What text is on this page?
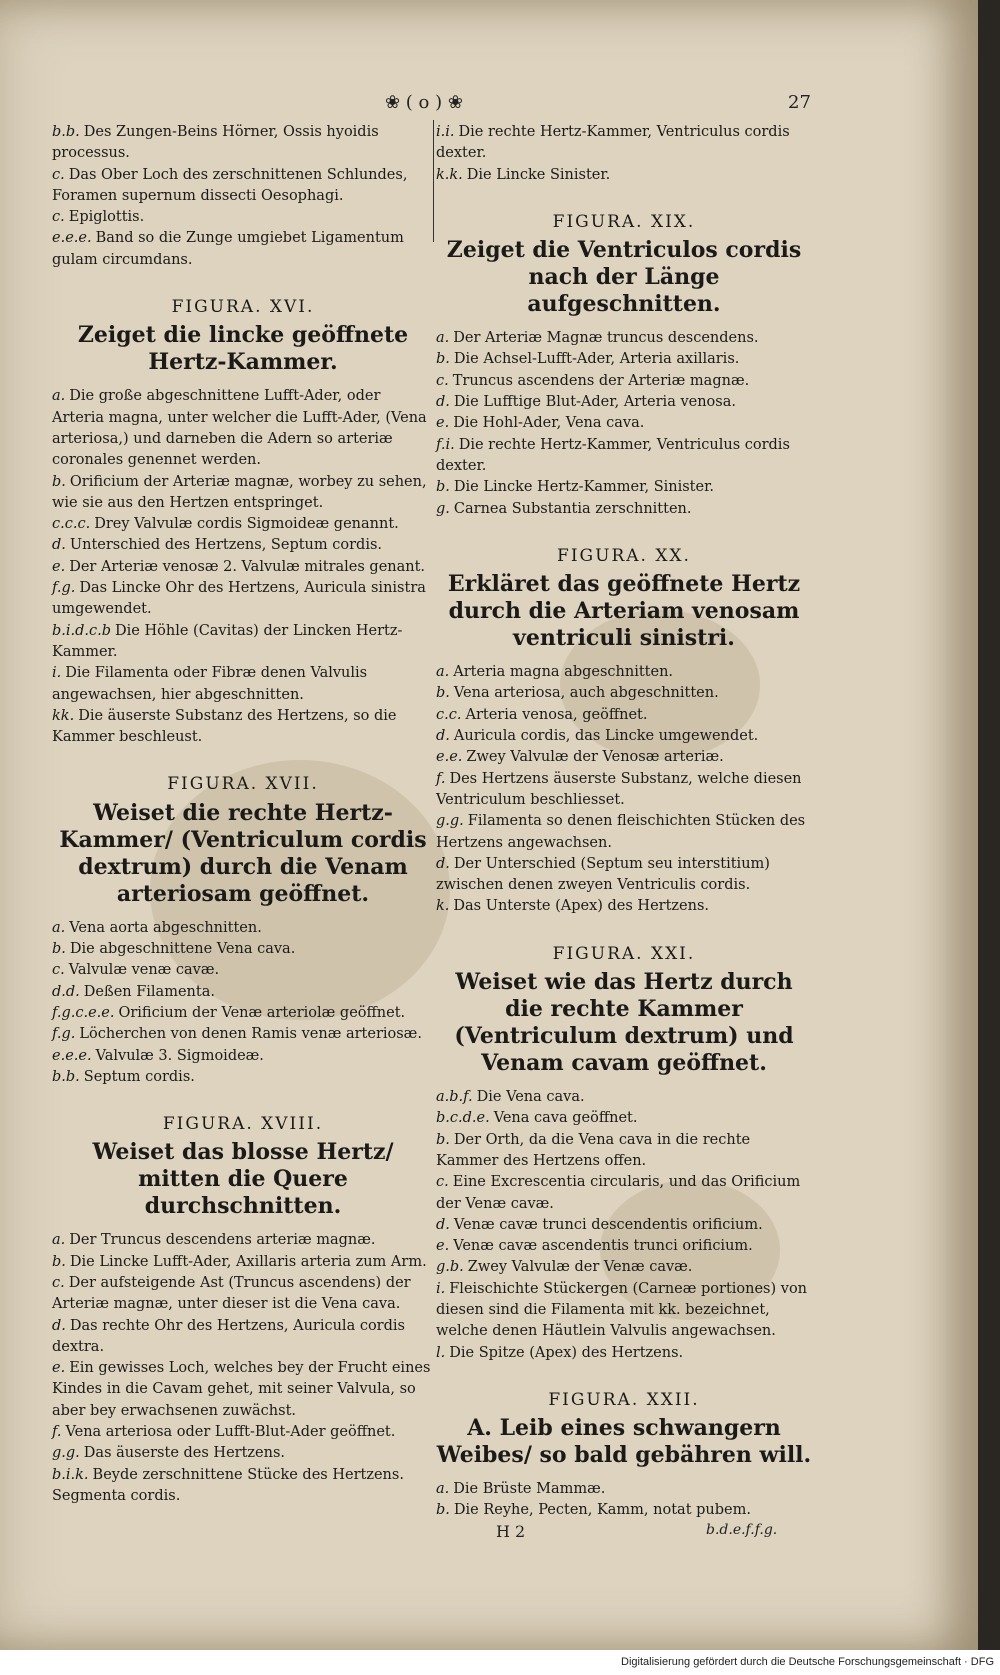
❀ ( o ) ❀	27
b.b. Des Zungen-Beins Hörner, Ossis hyoidis processus.
c. Das Ober Loch des zerschnittenen Schlundes, Foramen supernum dissecti Oesophagi.
c. Epiglottis.
e.e.e. Band so die Zunge umgiebet Ligamentum gulam circumdans.
FIGURA. XVI.
Zeiget die lincke geöffnete Hertz-Kammer.
a. Die große abgeschnittene Lufft-Ader, oder Arteria magna, unter welcher die Lufft-Ader, (Vena arteriosa,) und darneben die Adern so arteriæ coronales genennet werden.
b. Orificium der Arteriæ magnæ, worbey zu sehen, wie sie aus den Hertzen entspringet.
c.c.c. Drey Valvulæ cordis Sigmoideæ genannt.
d. Unterschied des Hertzens, Septum cordis.
e. Der Arteriæ venosæ 2. Valvulæ mitrales genant.
f.g. Das Lincke Ohr des Hertzens, Auricula sinistra umgewendet.
b.i.d.c.b Die Höhle (Cavitas) der Lincken Hertz-Kammer.
i. Die Filamenta oder Fibræ denen Valvulis angewachsen, hier abgeschnitten.
kk. Die äuserste Substanz des Hertzens, so die Kammer beschleust.
FIGURA. XVII.
Weiset die rechte Hertz-Kammer/ (Ventriculum cordis dextrum) durch die Venam arteriosam geöffnet.
a. Vena aorta abgeschnitten.
b. Die abgeschnittene Vena cava.
c. Valvulæ venæ cavæ.
d.d. Deßen Filamenta.
f.g.c.e.e. Orificium der Venæ arteriolæ geöffnet.
f.g. Löcherchen von denen Ramis venæ arteriosæ.
e.e.e. Valvulæ 3. Sigmoideæ.
b.b. Septum cordis.
FIGURA. XVIII.
Weiset das blosse Hertz/ mitten die Quere durchschnitten.
a. Der Truncus descendens arteriæ magnæ.
b. Die Lincke Lufft-Ader, Axillaris arteria zum Arm.
c. Der aufsteigende Ast (Truncus ascendens) der Arteriæ magnæ, unter dieser ist die Vena cava.
d. Das rechte Ohr des Hertzens, Auricula cordis dextra.
e. Ein gewisses Loch, welches bey der Frucht eines Kindes in die Cavam gehet, mit seiner Valvula, so aber bey erwachsenen zuwächst.
f. Vena arteriosa oder Lufft-Blut-Ader geöffnet.
g.g. Das äuserste des Hertzens.
b.i.k. Beyde zerschnittene Stücke des Hertzens. Segmenta cordis.
i.i. Die rechte Hertz-Kammer, Ventriculus cordis dexter.
k.k. Die Lincke Sinister.
FIGURA. XIX.
Zeiget die Ventriculos cordis nach der Länge aufgeschnitten.
a. Der Arteriæ Magnæ truncus descendens.
b. Die Achsel-Lufft-Ader, Arteria axillaris.
c. Truncus ascendens der Arteriæ magnæ.
d. Die Lufftige Blut-Ader, Arteria venosa.
e. Die Hohl-Ader, Vena cava.
f.i. Die rechte Hertz-Kammer, Ventriculus cordis dexter.
b. Die Lincke Hertz-Kammer, Sinister.
g. Carnea Substantia zerschnitten.
FIGURA. XX.
Erkläret das geöffnete Hertz durch die Arteriam venosam ventriculi sinistri.
a. Arteria magna abgeschnitten.
b. Vena arteriosa, auch abgeschnitten.
c.c. Arteria venosa, geöffnet.
d. Auricula cordis, das Lincke umgewendet.
e.e. Zwey Valvulæ der Venosæ arteriæ.
f. Des Hertzens äuserste Substanz, welche diesen Ventriculum beschliesset.
g.g. Filamenta so denen fleischichten Stücken des Hertzens angewachsen.
d. Der Unterschied (Septum seu interstitium) zwischen denen zweyen Ventriculis cordis.
k. Das Unterste (Apex) des Hertzens.
FIGURA. XXI.
Weiset wie das Hertz durch die rechte Kammer (Ventriculum dextrum) und Venam cavam geöffnet.
a.b.f. Die Vena cava.
b.c.d.e. Vena cava geöffnet.
b. Der Orth, da die Vena cava in die rechte Kammer des Hertzens offen.
c. Eine Excrescentia circularis, und das Orificium der Venæ cavæ.
d. Venæ cavæ trunci descendentis orificium.
e. Venæ cavæ ascendentis trunci orificium.
g.b. Zwey Valvulæ der Venæ cavæ.
i. Fleischichte Stückergen (Carneæ portiones) von diesen sind die Filamenta mit kk. bezeichnet, welche denen Häutlein Valvulis angewachsen.
l. Die Spitze (Apex) des Hertzens.
FIGURA. XXII.
A. Leib eines schwangern Weibes/ so bald gebähren will.
a. Die Brüste Mammæ.
b. Die Reyhe, Pecten, Kamm, notat pubem.
H 2	b.d.e.f.f.g.
Digitalisierung gefördert durch die Deutsche Forschungsgemeinschaft · DFG
